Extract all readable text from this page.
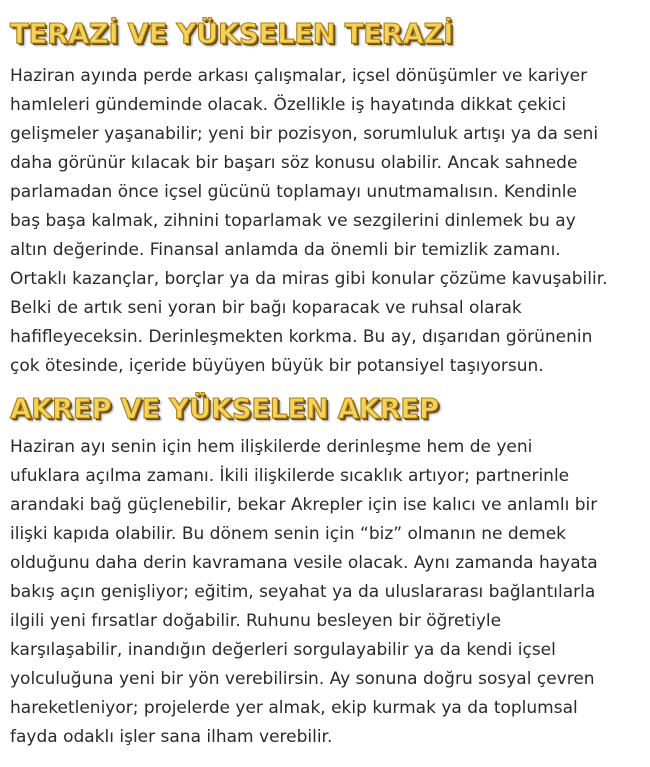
TERAZİ VE YÜKSELEN TERAZİ

Haziran ayında perde arkası çalışmalar, içsel dönüşümler ve kariyer
hamleleri gündeminde olacak. Özellikle iş hayatında dikkat çekici
gelişmeler yaşanabilir; yeni bir pozisyon, sorumluluk artışı ya da seni
daha görünür kılacak bir başarı söz konusu olabilir. Ancak sahnede
parlamadan önce içsel gücünü toplamayı unutmamalısın. Kendinle
baş başa kalmak, zihnini toparlamak ve sezgilerini dinlemek bu ay
altın değerinde. Finansal anlamda da önemli bir temizlik zamanı.
Ortaklı kazançlar, borçlar ya da miras gibi konular çözüme kavuşabilir.
Belki de artık seni yoran bir bağı koparacak ve ruhsal olarak
hafifleyeceksin. Derinleşmekten korkma. Bu ay, dışarıdan görünenin
çok ötesinde, içeride büyüyen büyük bir potansiyel taşıyorsun.

AKREP VE YÜKSELEN AKREP

Haziran ayı senin için hem ilişkilerde derinleşme hem de yeni
ufuklara açılma zamanı. İkili ilişkilerde sıcaklık artıyor; partnerinle
arandaki bağ güçlenebilir, bekar Akrepler için ise kalıcı ve anlamlı bir
ilişki kapıda olabilir. Bu dönem senin için “biz” olmanın ne demek
olduğunu daha derin kavramana vesile olacak. Aynı zamanda hayata
bakış açın genişliyor; eğitim, seyahat ya da uluslararası bağlantılarla
ilgili yeni fırsatlar doğabilir. Ruhunu besleyen bir öğretiyle
karşılaşabilir, inandığın değerleri sorgulayabilir ya da kendi içsel
yolculuğuna yeni bir yön verebilirsin. Ay sonuna doğru sosyal çevren
hareketleniyor; projelerde yer almak, ekip kurmak ya da toplumsal
fayda odaklı işler sana ilham verebilir.
